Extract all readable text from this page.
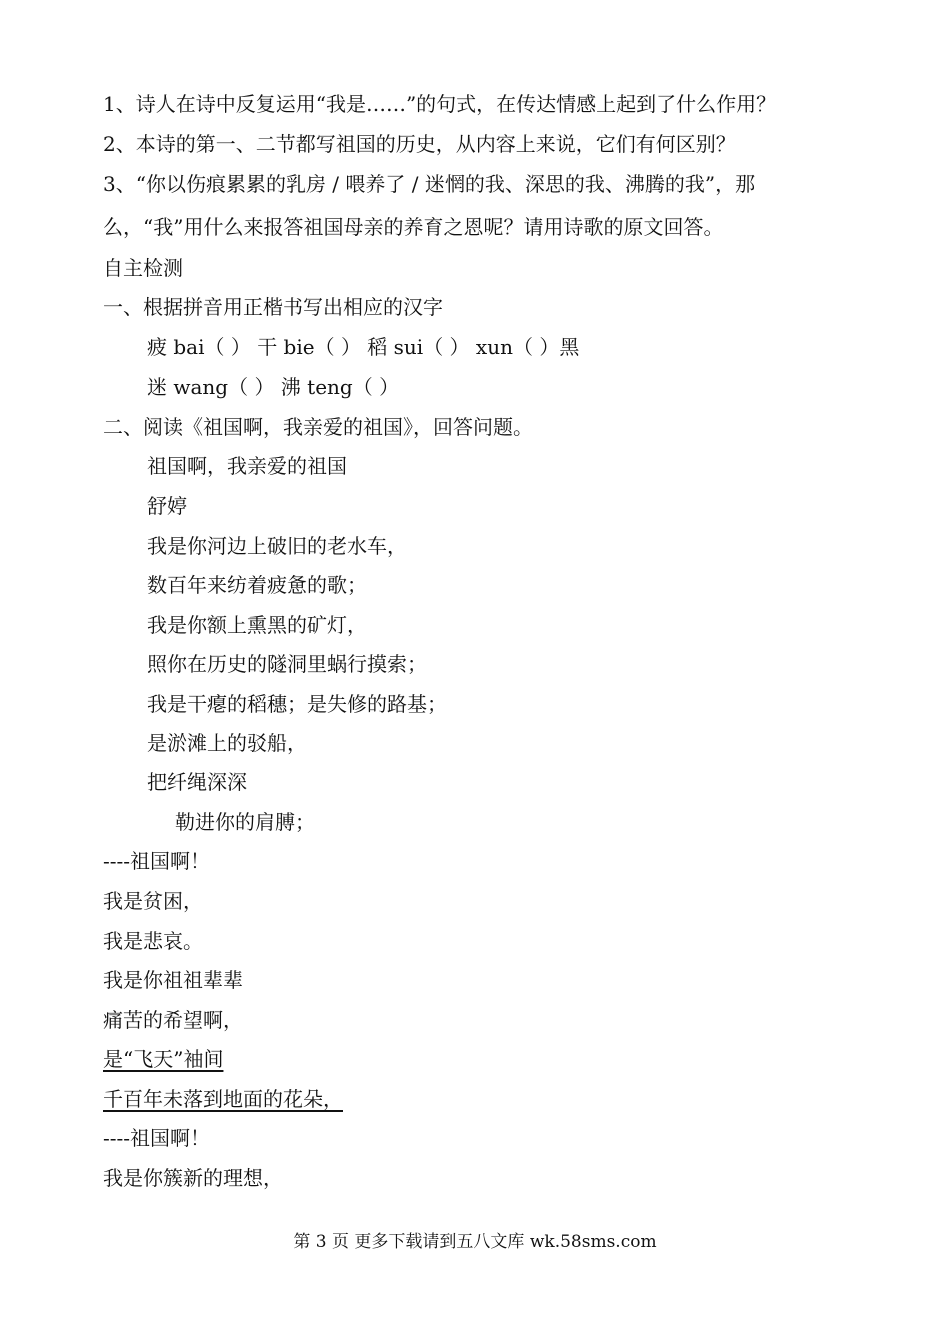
1、诗人在诗中反复运用“我是……”的句式，在传达情感上起到了什么作用？
2、本诗的第一、二节都写祖国的历史，从内容上来说，它们有何区别？
3、“你以伤痕累累的乳房 / 喂养了 / 迷惘的我、深思的我、沸腾的我”，那
么，“我”用什么来报答祖国母亲的养育之恩呢？请用诗歌的原文回答。
自主检测
一、根据拼音用正楷书写出相应的汉字
疲 bai（ ） 干 bie（ ） 稻 sui（ ） xun（ ）黑
迷 wang（ ） 沸 teng（ ）
二、阅读《祖国啊，我亲爱的祖国》，回答问题。
祖国啊，我亲爱的祖国
舒婷
我是你河边上破旧的老水车，
数百年来纺着疲惫的歌；
我是你额上熏黑的矿灯，
照你在历史的隧洞里蜗行摸索；
我是干瘪的稻穗；是失修的路基；
是淤滩上的驳船，
把纤绳深深
勒进你的肩膊；
----祖国啊！
我是贫困，
我是悲哀。
我是你祖祖辈辈
痛苦的希望啊，
是“飞天”袖间
千百年未落到地面的花朵，
----祖国啊！
我是你簇新的理想，
第 3 页 更多下载请到五八文库 wk.58sms.com
